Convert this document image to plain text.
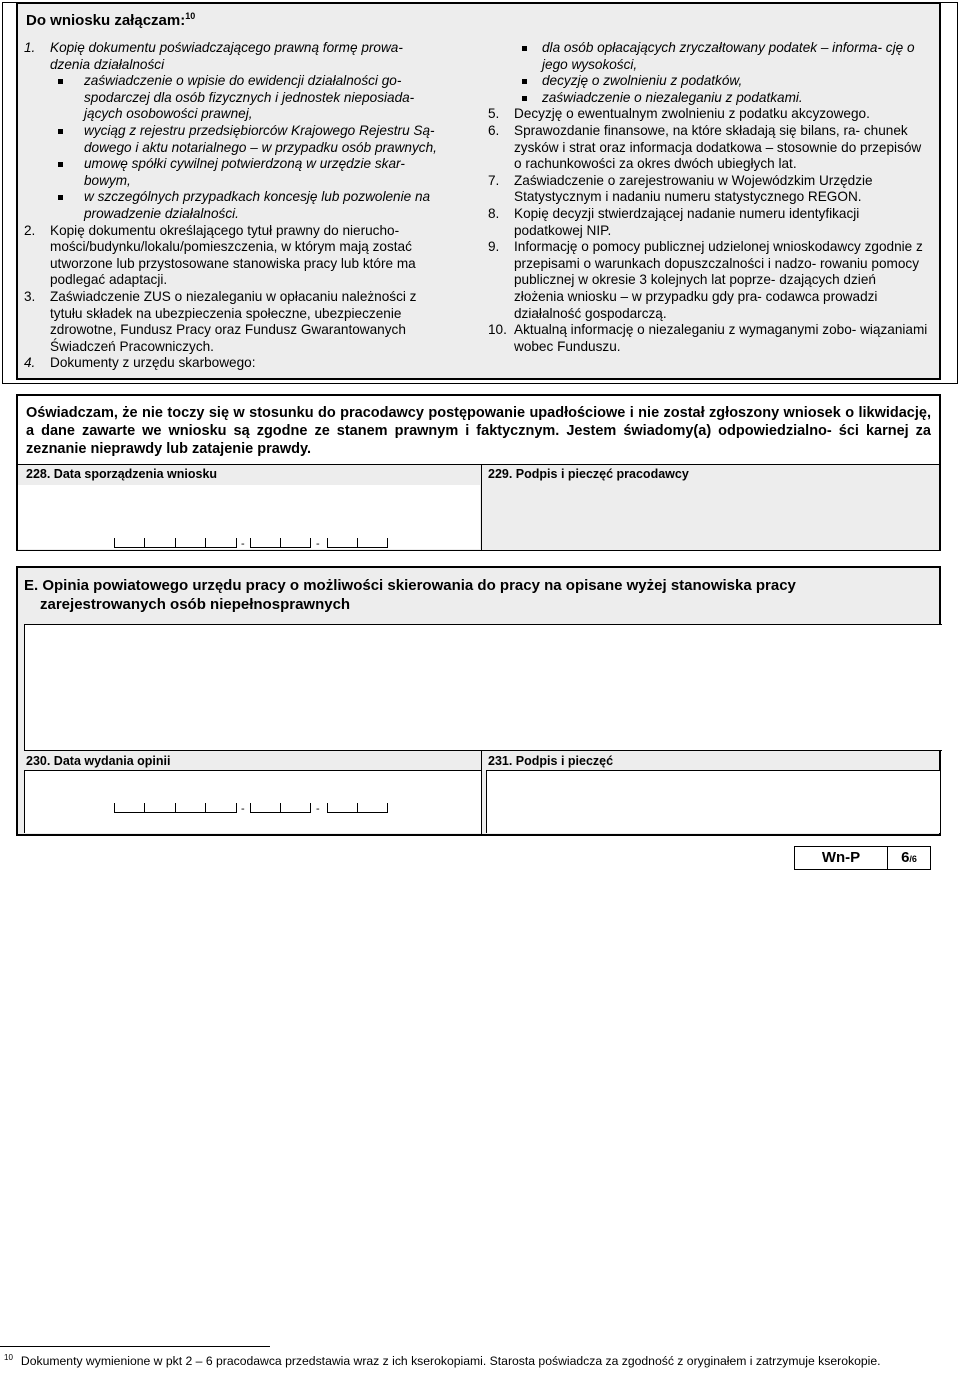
Do wniosku załączam:$^{10}$
1. Kopię dokumentu poświadczającego prawną formę prowa- dzenia działalności
zaświadczenie o wpisie do ewidencji działalności go- spodarczej dla osób fizycznych i jednostek nieposiada- jących osobowości prawnej,
wyciąg z rejestru przedsiębiorców Krajowego Rejestru Są- dowego i aktu notarialnego – w przypadku osób prawnych,
umowę spółki cywilnej potwierdzoną w urzędzie skar- bowym,
w szczególnych przypadkach koncesję lub pozwolenie na prowadzenie działalności.
2. Kopię dokumentu określającego tytuł prawny do nierucho- mości/budynku/lokalu/pomieszczenia, w którym mają zostać utworzone lub przystosowane stanowiska pracy lub które ma podlegać adaptacji.
3. Zaświadczenie ZUS o niezaleganiu w opłacaniu należności z tytułu składek na ubezpieczenia społeczne, ubezpieczenie zdrowotne, Fundusz Pracy oraz Fundusz Gwarantowanych Świadczeń Pracowniczych.
4. Dokumenty z urzędu skarbowego:
dla osób opłacających zryczałtowany podatek – informa- cję o jego wysokości,
decyzję o zwolnieniu z podatków,
zaświadczenie o niezaleganiu z podatkami.
5. Decyzję o ewentualnym zwolnieniu z podatku akcyzowego.
6. Sprawozdanie finansowe, na które składają się bilans, ra- chunek zysków i strat oraz informacja dodatkowa – stosownie do przepisów o rachunkowości za okres dwóch ubiegłych lat.
7. Zaświadczenie o zarejestrowaniu w Wojewódzkim Urzędzie Statystycznym i nadaniu numeru statystycznego REGON.
8. Kopię decyzji stwierdzającej nadanie numeru identyfikacji podatkowej NIP.
9. Informację o pomocy publicznej udzielonej wnioskodawcy zgodnie z przepisami o warunkach dopuszczalności i nadzo- rowaniu pomocy publicznej w okresie 3 kolejnych lat poprze- dzających dzień złożenia wniosku – w przypadku gdy pra- codawca prowadzi działalność gospodarczą.
10. Aktualną informację o niezaleganiu z wymaganymi zobo- wiązaniami wobec Funduszu.
Oświadczam, że nie toczy się w stosunku do pracodawcy postępowanie upadłościowe i nie został zgłoszony wniosek o likwidację, a dane zawarte we wniosku są zgodne ze stanem prawnym i faktycznym. Jestem świadomy(a) odpowiedzialno- ści karnej za zeznanie nieprawdy lub zatajenie prawdy.
228. Data sporządzenia wniosku	229. Podpis i pieczęć pracodawcy
-	-
E. Opinia powiatowego urzędu pracy o możliwości skierowania do pracy na opisane wyżej stanowiska pracy
zarejestrowanych osób niepełnosprawnych
230. Data wydania opinii	231. Podpis i pieczęć
-	-
Wn-P	6/6
$^{10}$ Dokumenty wymienione w pkt 2 – 6 pracodawca przedstawia wraz z ich kserokopiami. Starosta poświadcza za zgodność z oryginałem i zatrzymuje kserokopie.
